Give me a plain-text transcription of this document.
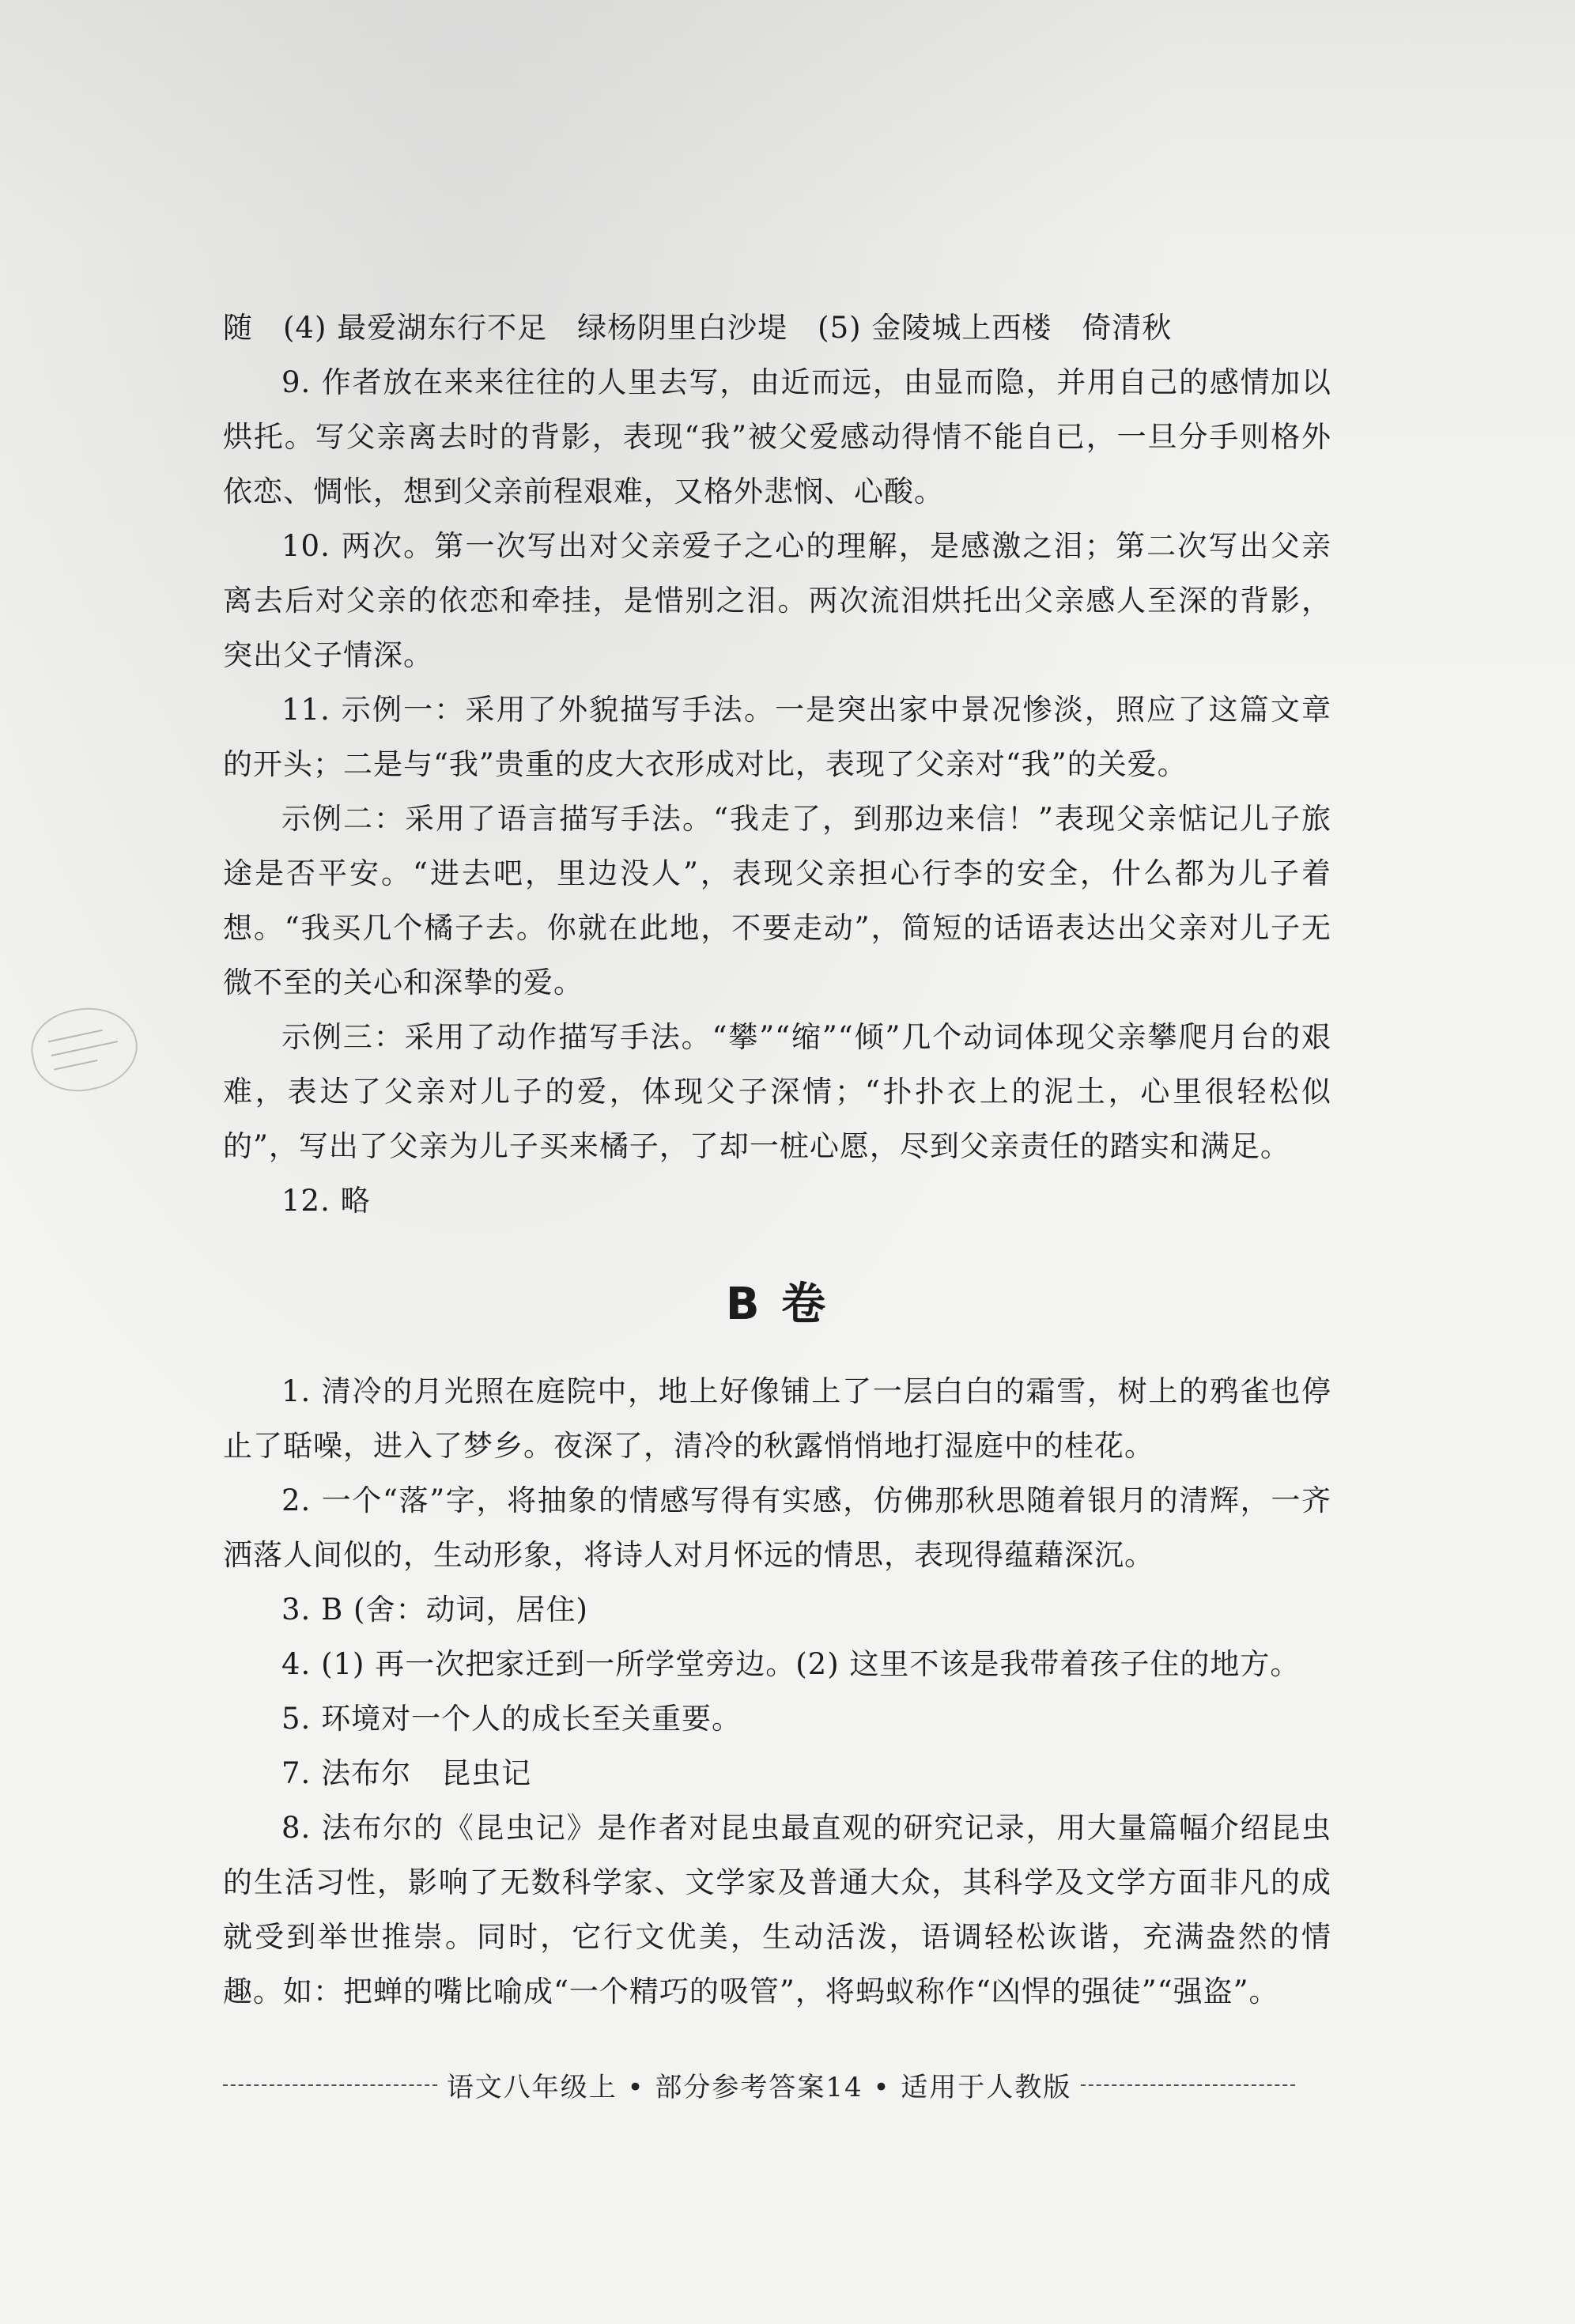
随　(4) 最爱湖东行不足　绿杨阴里白沙堤　(5) 金陵城上西楼　倚清秋

9. 作者放在来来往往的人里去写，由近而远，由显而隐，并用自己的感情加以烘托。写父亲离去时的背影，表现“我”被父爱感动得情不能自已，一旦分手则格外依恋、惆怅，想到父亲前程艰难，又格外悲悯、心酸。

10. 两次。第一次写出对父亲爱子之心的理解，是感激之泪；第二次写出父亲离去后对父亲的依恋和牵挂，是惜别之泪。两次流泪烘托出父亲感人至深的背影，突出父子情深。

11. 示例一：采用了外貌描写手法。一是突出家中景况惨淡，照应了这篇文章的开头；二是与“我”贵重的皮大衣形成对比，表现了父亲对“我”的关爱。

示例二：采用了语言描写手法。“我走了，到那边来信！”表现父亲惦记儿子旅途是否平安。“进去吧，里边没人”，表现父亲担心行李的安全，什么都为儿子着想。“我买几个橘子去。你就在此地，不要走动”，简短的话语表达出父亲对儿子无微不至的关心和深挚的爱。

示例三：采用了动作描写手法。“攀”“缩”“倾”几个动词体现父亲攀爬月台的艰难，表达了父亲对儿子的爱，体现父子深情；“扑扑衣上的泥土，心里很轻松似的”，写出了父亲为儿子买来橘子，了却一桩心愿，尽到父亲责任的踏实和满足。

12. 略

B 卷

1. 清冷的月光照在庭院中，地上好像铺上了一层白白的霜雪，树上的鸦雀也停止了聒噪，进入了梦乡。夜深了，清冷的秋露悄悄地打湿庭中的桂花。

2. 一个“落”字，将抽象的情感写得有实感，仿佛那秋思随着银月的清辉，一齐洒落人间似的，生动形象，将诗人对月怀远的情思，表现得蕴藉深沉。

3. B (舍：动词，居住)

4. (1) 再一次把家迁到一所学堂旁边。(2) 这里不该是我带着孩子住的地方。

5. 环境对一个人的成长至关重要。

7. 法布尔　昆虫记

8. 法布尔的《昆虫记》是作者对昆虫最直观的研究记录，用大量篇幅介绍昆虫的生活习性，影响了无数科学家、文学家及普通大众，其科学及文学方面非凡的成就受到举世推崇。同时，它行文优美，生动活泼，语调轻松诙谐，充满盎然的情趣。如：把蝉的嘴比喻成“一个精巧的吸管”，将蚂蚁称作“凶悍的强徒”“强盗”。

语文八年级上 • 部分参考答案14 • 适用于人教版
